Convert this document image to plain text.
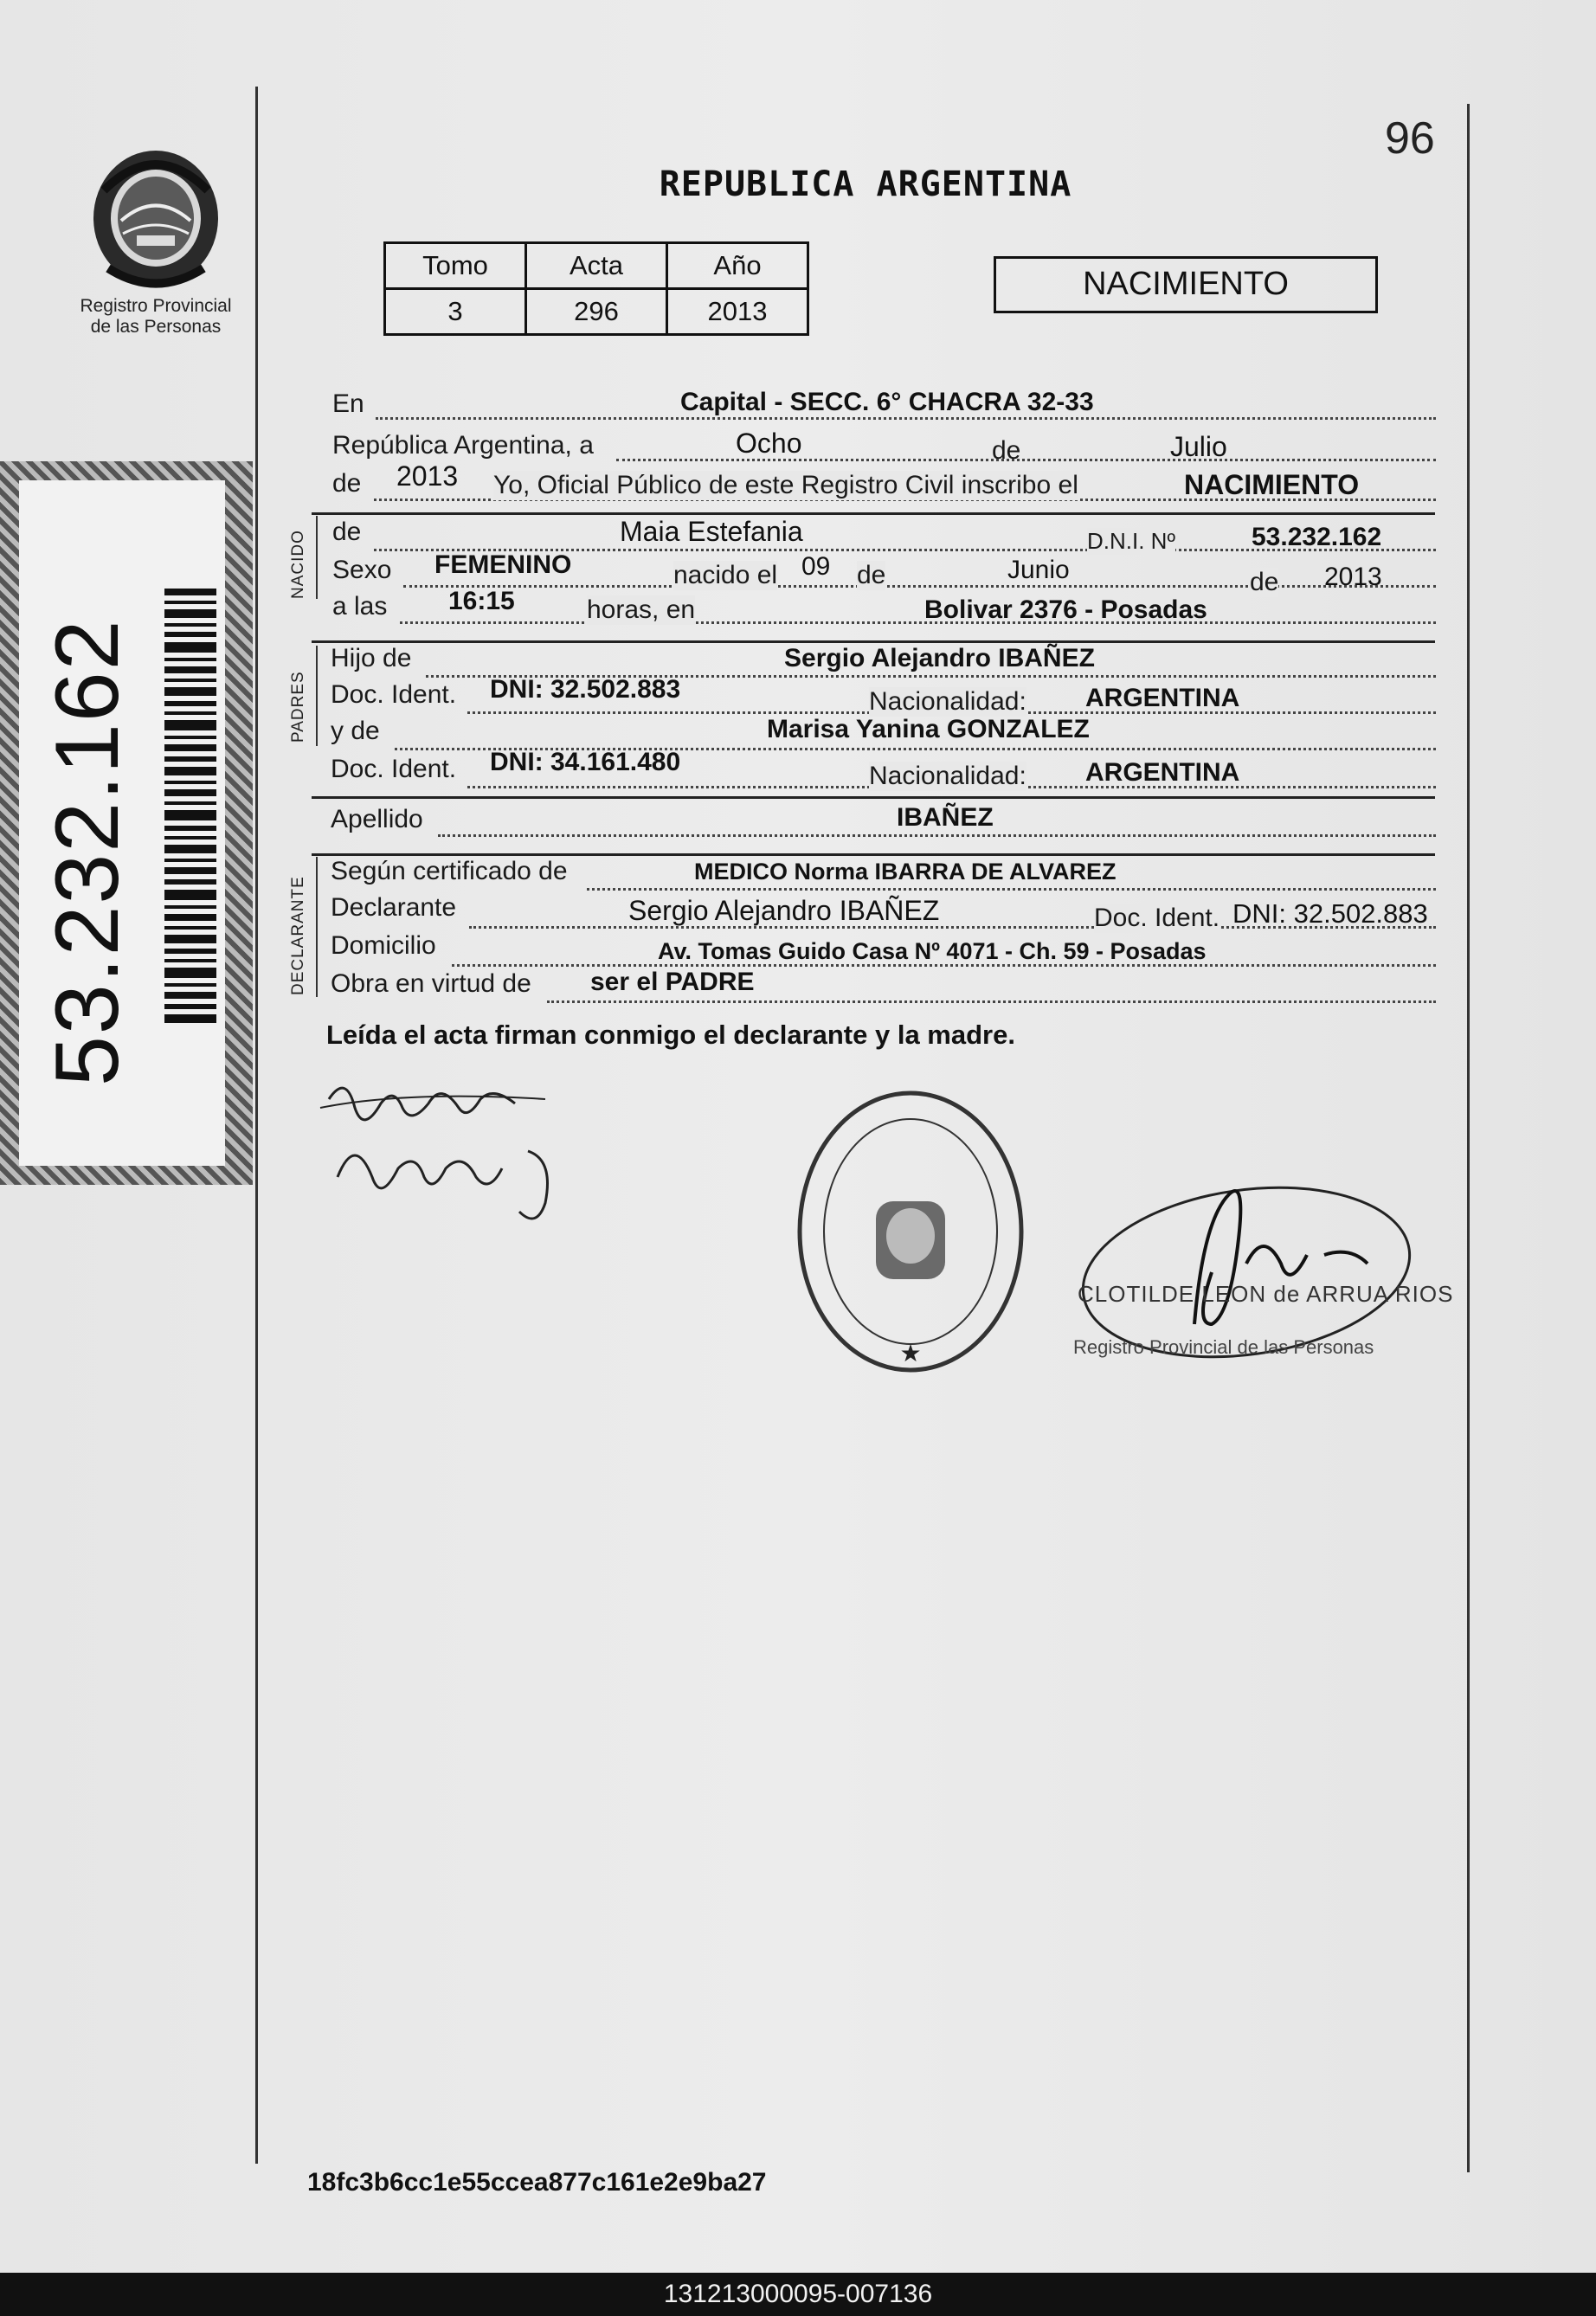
Registro Provincial
de las Personas
96
REPUBLICA ARGENTINA
Tomo	Acta	Año
3	296	2013
NACIMIENTO
53.232.162
NACIDO
PADRES
DECLARANTE
En	Capital - SECC. 6° CHACRA 32-33
República Argentina, a	Ocho	de	Julio
de 2013 Yo, Oficial Público de este Registro Civil inscribo el	NACIMIENTO
de	Maia Estefania	D.N.I. Nº	53.232.162
Sexo FEMENINO	nacido el 09 de	Junio	de 2013
a las 16:15	horas, en	Bolivar 2376 - Posadas
Hijo de	Sergio Alejandro IBAÑEZ
Doc. Ident. DNI: 32.502.883	Nacionalidad: ARGENTINA
y de	Marisa Yanina GONZALEZ
Doc. Ident. DNI: 34.161.480	Nacionalidad: ARGENTINA
Apellido	IBAÑEZ
Según certificado de	MEDICO Norma IBARRA DE ALVAREZ
Declarante	Sergio Alejandro IBAÑEZ	Doc. Ident. DNI: 32.502.883
Domicilio	Av. Tomas Guido Casa Nº 4071 - Ch. 59 - Posadas
Obra en virtud de ser el PADRE
Leída el acta firman conmigo el declarante y la madre.
★
CLOTILDE LEON de ARRUA RIOS
Registro Provincial de las Personas
18fc3b6cc1e55ccea877c161e2e9ba27
131213000095-007136
